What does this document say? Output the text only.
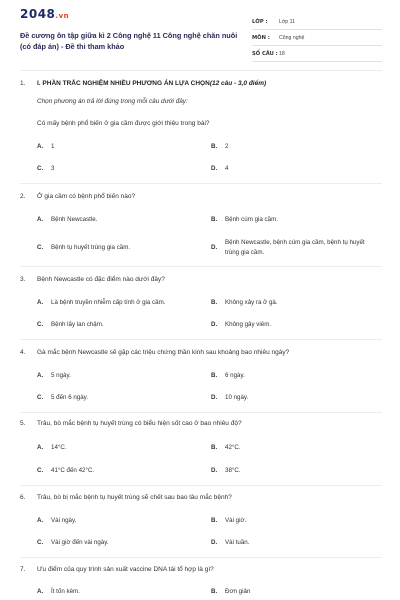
2048.vn
Đề cương ôn tập giữa kì 2 Công nghệ 11 Công nghệ chăn nuôi (có đáp án) - Đề thi tham khảo
LỚP :	Lớp 11
MÔN :	Công nghệ
SỐ CÂU : 18
1.	I. PHẦN TRẮC NGHIỆM NHIỀU PHƯƠNG ÁN LỰA CHỌN(12 câu - 3,0 điểm)
Chọn phương án trả lời đúng trong mỗi câu dưới đây:
Có mấy bệnh phổ biến ở gia cầm được giới thiệu trong bài?
A.	1	B.	2
C.	3	D.	4
2.	Ở gia cầm có bệnh phổ biến nào?
A.	Bệnh Newcastle.	B.	Bệnh cúm gia cầm.
C.	Bệnh tụ huyết trùng gia cầm.	D.
Bệnh Newcastle, bệnh cúm gia cầm, bệnh tụ huyết trùng gia cầm.
3.	Bệnh Newcastle có đặc điểm nào dưới đây?
A.	Là bệnh truyền nhiễm cấp tính ở gia cầm.	B.	Không xảy ra ở gà.
C.	Bệnh lây lan chậm.	D.	Không gây viêm.
4.	Gà mắc bệnh Newcastle sẽ gặp các triệu chứng thần kinh sau khoảng bao nhiêu ngày?
A.	5 ngày.	B.	6 ngày.
C.	5 đến 6 ngày.	D.	10 ngày.
5.	Trâu, bò mắc bệnh tụ huyết trùng có biểu hiện sốt cao ở bao nhiêu độ?
A.	14°C.	B.	42°C.
C.	41°C đến 42°C.	D.	38°C.
6.	Trâu, bò bị mắc bệnh tụ huyết trùng sẽ chết sau bao lâu mắc bệnh?
A.	Vài ngày.	B.	Vài giờ.
C.	Vài giờ đến vài ngày.	D.	Vài tuần.
7.	Ưu điểm của quy trình sản xuất vaccine DNA tái tổ hợp là gì?
A.	Ít tốn kém.	B.	Đơn giản
